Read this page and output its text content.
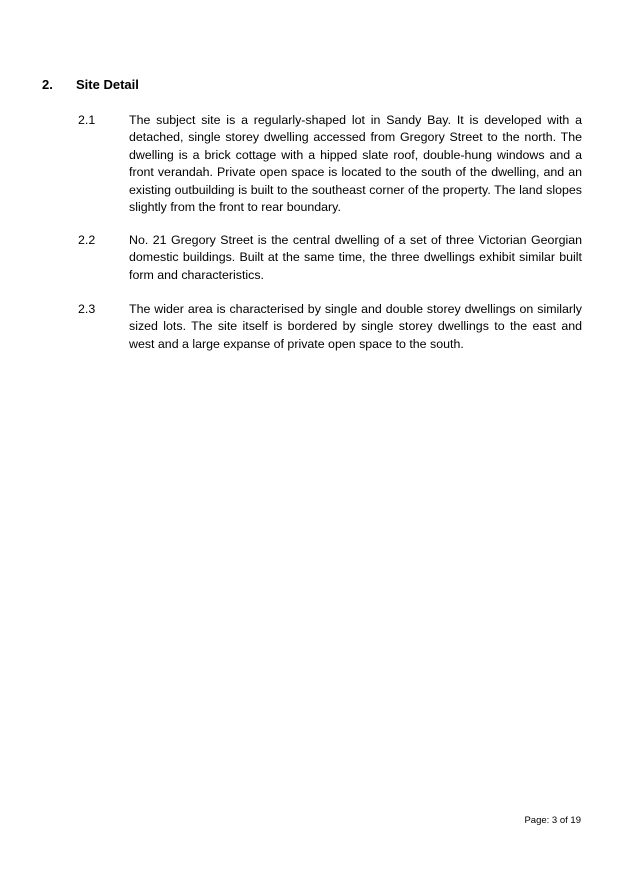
2.	Site Detail
2.1	The subject site is a regularly-shaped lot in Sandy Bay. It is developed with a detached, single storey dwelling accessed from Gregory Street to the north. The dwelling is a brick cottage with a hipped slate roof, double-hung windows and a front verandah. Private open space is located to the south of the dwelling, and an existing outbuilding is built to the southeast corner of the property. The land slopes slightly from the front to rear boundary.
2.2	No. 21 Gregory Street is the central dwelling of a set of three Victorian Georgian domestic buildings. Built at the same time, the three dwellings exhibit similar built form and characteristics.
2.3	The wider area is characterised by single and double storey dwellings on similarly sized lots. The site itself is bordered by single storey dwellings to the east and west and a large expanse of private open space to the south.
Page: 3 of 19
